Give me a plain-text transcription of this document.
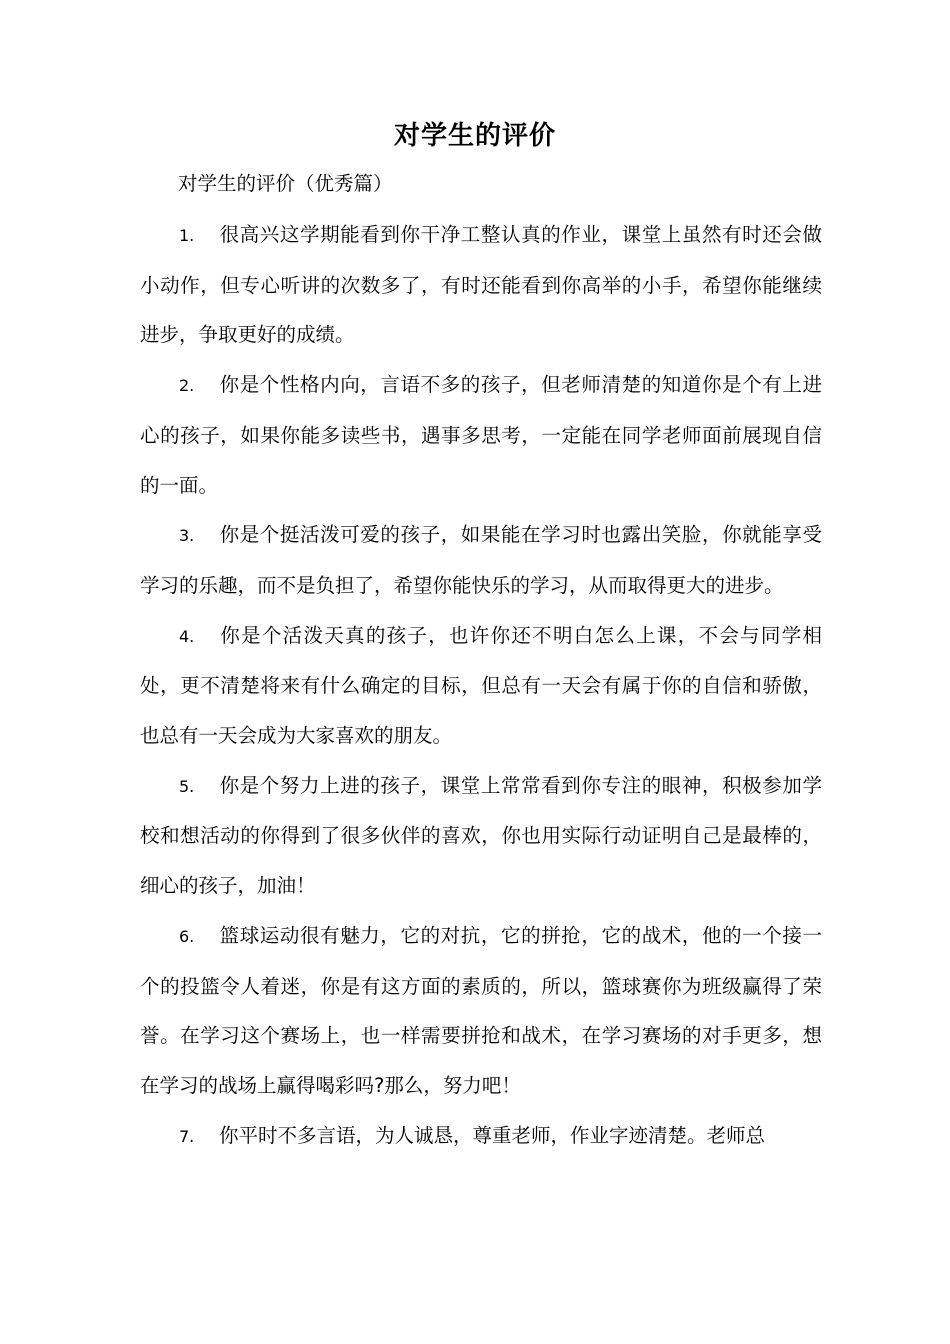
对学生的评价
对学生的评价（优秀篇）

1. 很高兴这学期能看到你干净工整认真的作业，课堂上虽然有时还会做小动作，但专心听讲的次数多了，有时还能看到你高举的小手，希望你能继续进步，争取更好的成绩。

2. 你是个性格内向，言语不多的孩子，但老师清楚的知道你是个有上进心的孩子，如果你能多读些书，遇事多思考，一定能在同学老师面前展现自信的一面。

3. 你是个挺活泼可爱的孩子，如果能在学习时也露出笑脸，你就能享受学习的乐趣，而不是负担了，希望你能快乐的学习，从而取得更大的进步。

4. 你是个活泼天真的孩子，也许你还不明白怎么上课，不会与同学相处，更不清楚将来有什么确定的目标，但总有一天会有属于你的自信和骄傲，也总有一天会成为大家喜欢的朋友。

5. 你是个努力上进的孩子，课堂上常常看到你专注的眼神，积极参加学校和想活动的你得到了很多伙伴的喜欢，你也用实际行动证明自己是最棒的，细心的孩子，加油！

6. 篮球运动很有魅力，它的对抗，它的拼抢，它的战术，他的一个接一个的投篮令人着迷，你是有这方面的素质的，所以，篮球赛你为班级赢得了荣誉。在学习这个赛场上，也一样需要拼抢和战术，在学习赛场的对手更多，想在学习的战场上赢得喝彩吗?那么，努力吧！

7. 你平时不多言语，为人诚恳，尊重老师，作业字迹清楚。老师总
